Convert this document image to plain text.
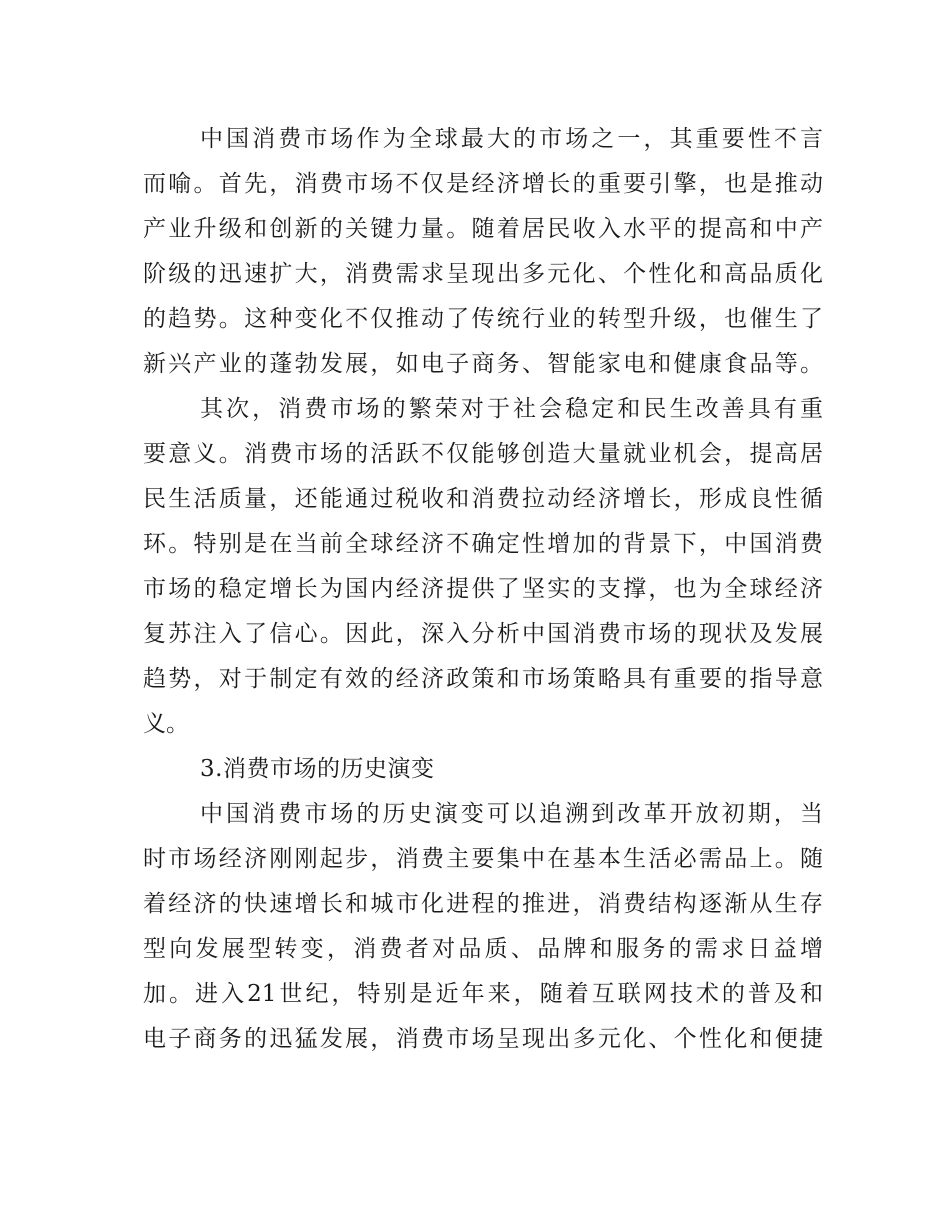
中国消费市场作为全球最大的市场之一，其重要性不言
而喻。首先，消费市场不仅是经济增长的重要引擎，也是推动
产业升级和创新的关键力量。随着居民收入水平的提高和中产
阶级的迅速扩大，消费需求呈现出多元化、个性化和高品质化
的趋势。这种变化不仅推动了传统行业的转型升级，也催生了
新兴产业的蓬勃发展，如电子商务、智能家电和健康食品等。
其次，消费市场的繁荣对于社会稳定和民生改善具有重
要意义。消费市场的活跃不仅能够创造大量就业机会，提高居
民生活质量，还能通过税收和消费拉动经济增长，形成良性循
环。特别是在当前全球经济不确定性增加的背景下，中国消费
市场的稳定增长为国内经济提供了坚实的支撑，也为全球经济
复苏注入了信心。因此，深入分析中国消费市场的现状及发展
趋势，对于制定有效的经济政策和市场策略具有重要的指导意
义。
3.消费市场的历史演变
中国消费市场的历史演变可以追溯到改革开放初期，当
时市场经济刚刚起步，消费主要集中在基本生活必需品上。随
着经济的快速增长和城市化进程的推进，消费结构逐渐从生存
型向发展型转变，消费者对品质、品牌和服务的需求日益增
加。进入21世纪，特别是近年来，随着互联网技术的普及和
电子商务的迅猛发展，消费市场呈现出多元化、个性化和便捷
